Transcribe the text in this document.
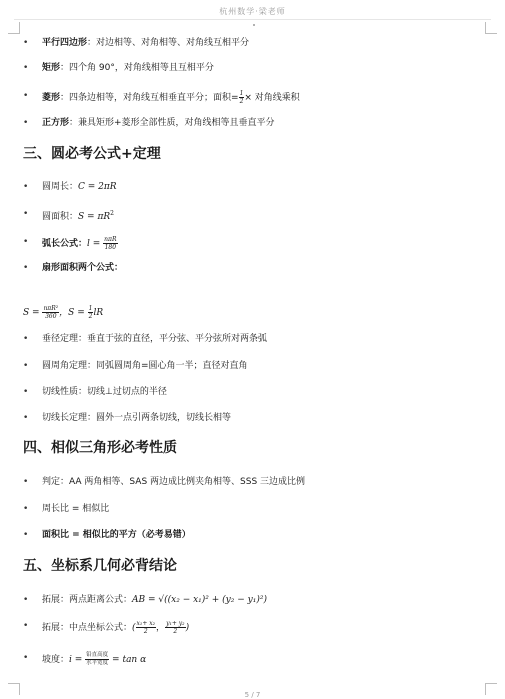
杭州数学·梁老师
• 平行四边形：对边相等、对角相等、对角线互相平分
• 矩形：四个角 90°，对角线相等且互相平分
• 菱形：四条边相等，对角线互相垂直平分；面积= $\frac{1}{2}$ × 对角线乘积
• 正方形：兼具矩形+菱形全部性质，对角线相等且垂直平分
三、圆必考公式+定理
• 圆周长：C = 2πR
• 圆面积：$S = \pi R^2$
• 弧长公式：$l = \frac{\text{nπR}}{180}$
• 扇形面积两个公式：
$S = \frac{\text{nπR²}}{360}$ ，$S = \frac{1}{2}$ lR
• 垂径定理：垂直于弦的直径，平分弦、平分弦所对两条弧
• 圆周角定理：同弧圆周角=圆心角一半；直径对直角
• 切线性质：切线⊥过切点的半径
• 切线长定理：圆外一点引两条切线，切线长相等
四、相似三角形必考性质
• 判定：AA 两角相等、SAS 两边成比例夹角相等、SSS 三边成比例
• 周长比 = 相似比
• 面积比 = 相似比的平方（必考易错）
五、坐标系几何必背结论
• 拓展：两点距离公式：AB = √((x₂ − x₁)² + (y₂ − y₁)²)
• 拓展：中点坐标公式：( $\frac{\text{x₁+ x₂}}{2}$ ， $\frac{\text{y₁+ y₂}}{2}$ )
• 坡度：$i = \frac{\text{铅直高度}}{\text{水平宽度}} = \tan \alpha$
5 / 7
